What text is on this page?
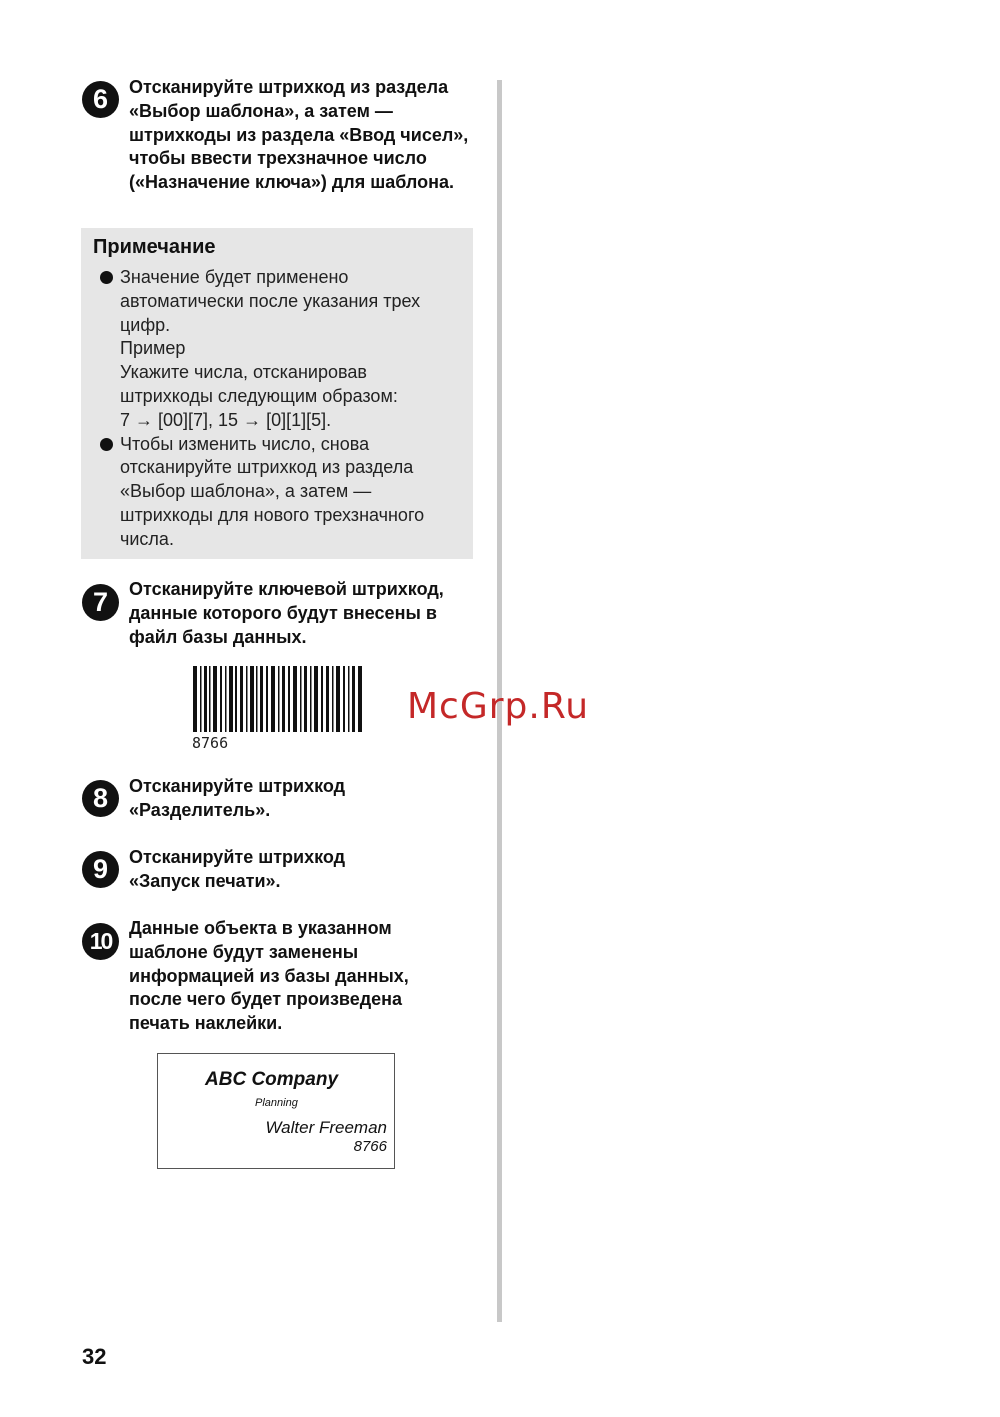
6 Отсканируйте штрихкод из раздела «Выбор шаблона», а затем — штрихкоды из раздела «Ввод чисел», чтобы ввести трехзначное число («Назначение ключа») для шаблона.

Примечание
Значение будет применено автоматически после указания трех цифр.
Пример
Укажите числа, отсканировав штрихкоды следующим образом:
7 → [00][7], 15 → [0][1][5].
Чтобы изменить число, снова отсканируйте штрихкод из раздела «Выбор шаблона», а затем — штрихкоды для нового трехзначного числа.
7 Отсканируйте ключевой штрихкод, данные которого будут внесены в файл базы данных.

8766
8 Отсканируйте штрихкод «Разделитель».

9 Отсканируйте штрихкод «Запуск печати».

10 Данные объекта в указанном шаблоне будут заменены информацией из базы данных, после чего будет произведена печать наклейки.

ABC Company
Planning
Walter Freeman
8766
McGrp.Ru
32
